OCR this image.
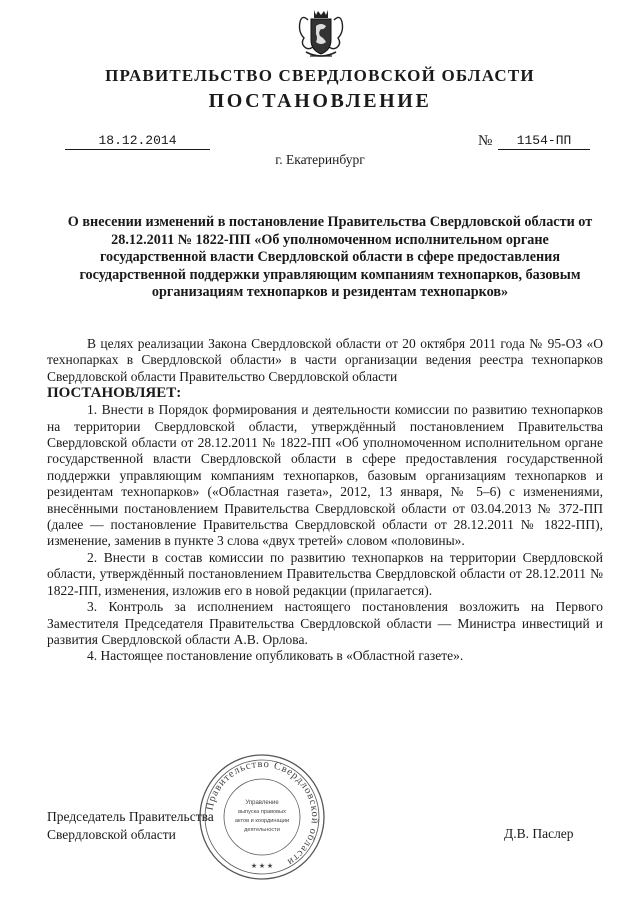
ПРАВИТЕЛЬСТВО СВЕРДЛОВСКОЙ ОБЛАСТИ
ПОСТАНОВЛЕНИЕ
18.12.2014	№	1154-ПП
г. Екатеринбург
О внесении изменений в постановление Правительства Свердловской области от 28.12.2011 № 1822-ПП «Об уполномоченном исполнительном органе государственной власти Свердловской области в сфере предоставления государственной поддержки управляющим компаниям технопарков, базовым организациям технопарков и резидентам технопарков»

В целях реализации Закона Свердловской области от 20 октября 2011 года № 95-ОЗ «О технопарках в Свердловской области» в части организации ведения реестра технопарков Свердловской области Правительство Свердловской области

ПОСТАНОВЛЯЕТ:

1. Внести в Порядок формирования и деятельности комиссии по развитию технопарков на территории Свердловской области, утверждённый постановлением Правительства Свердловской области от 28.12.2011 № 1822-ПП «Об уполномоченном исполнительном органе государственной власти Свердловской области в сфере предоставления государственной поддержки управляющим компаниям технопарков, базовым организациям технопарков и резидентам технопарков» («Областная газета», 2012, 13 января, № 5–6) с изменениями, внесёнными постановлением Правительства Свердловской области от 03.04.2013 № 372-ПП (далее — постановление Правительства Свердловской области от 28.12.2011 № 1822-ПП), изменение, заменив в пункте 3 слова «двух третей» словом «половины».

2. Внести в состав комиссии по развитию технопарков на территории Свердловской области, утверждённый постановлением Правительства Свердловской области от 28.12.2011 № 1822-ПП, изменения, изложив его в новой редакции (прилагается).

3. Контроль за исполнением настоящего постановления возложить на Первого Заместителя Председателя Правительства Свердловской области — Министра инвестиций и развития Свердловской области А.В. Орлова.

4. Настоящее постановление опубликовать в «Областной газете».

Правительство Свердловской области
Управление
выпуска правовых
актов и координации
деятельности
★ ★ ★
Председатель Правительства
Свердловской области	Д.В. Паслер
